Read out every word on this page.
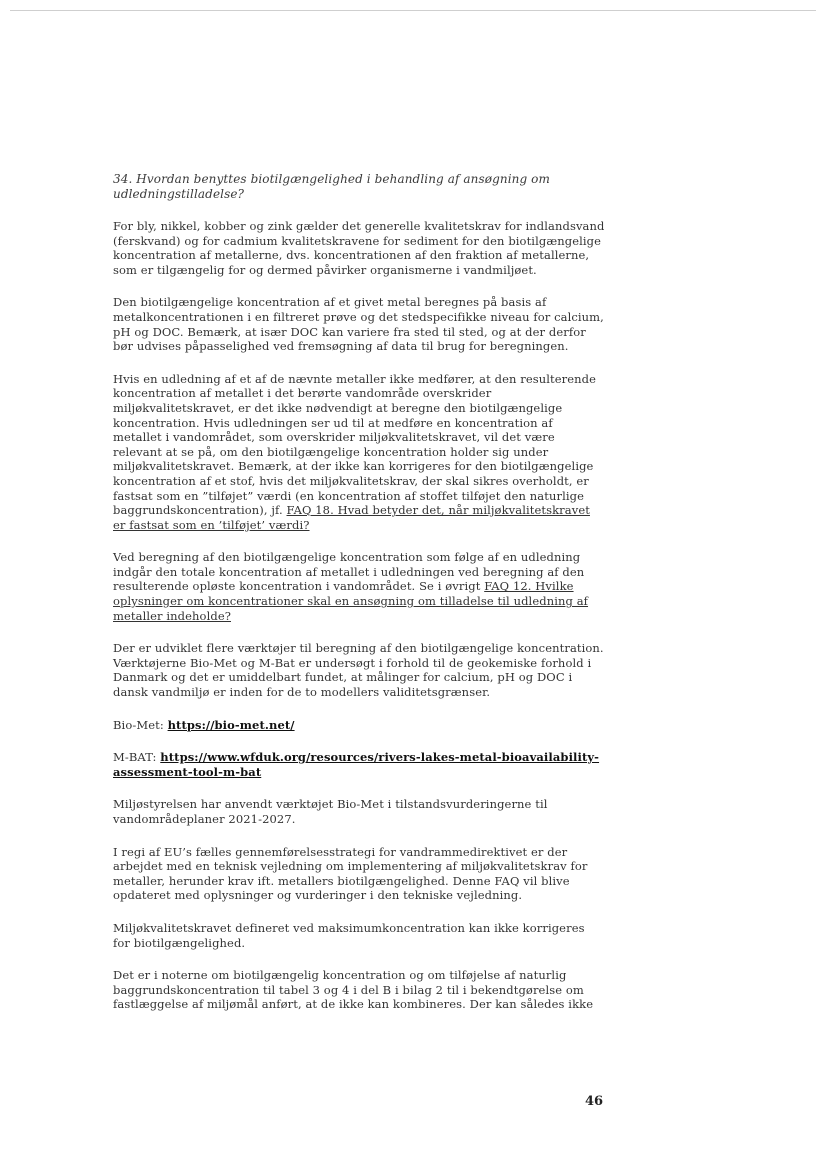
34. Hvordan benyttes biotilgængelighed i behandling af ansøgning om udledningstilladelse?

For bly, nikkel, kobber og zink gælder det generelle kvalitetskrav for indlandsvand (ferskvand) og for cadmium kvalitetskravene for sediment for den biotilgængelige koncentration af metallerne, dvs. koncentrationen af den fraktion af metallerne, som er tilgængelig for og dermed påvirker organismerne i vandmiljøet.

Den biotilgængelige koncentration af et givet metal beregnes på basis af metalkoncentrationen i en filtreret prøve og det stedspecifikke niveau for calcium, pH og DOC. Bemærk, at især DOC kan variere fra sted til sted, og at der derfor bør udvises påpasselighed ved fremsøgning af data til brug for beregningen.

Hvis en udledning af et af de nævnte metaller ikke medfører, at den resulterende koncentration af metallet i det berørte vandområde overskrider miljøkvalitetskravet, er det ikke nødvendigt at beregne den biotilgængelige koncentration. Hvis udledningen ser ud til at medføre en koncentration af metallet i vandområdet, som overskrider miljøkvalitetskravet, vil det være relevant at se på, om den biotilgængelige koncentration holder sig under miljøkvalitetskravet. Bemærk, at der ikke kan korrigeres for den biotilgængelige koncentration af et stof, hvis det miljøkvalitetskrav, der skal sikres overholdt, er fastsat som en ”tilføjet” værdi (en koncentration af stoffet tilføjet den naturlige baggrundskoncentration), jf. FAQ 18. Hvad betyder det, når miljøkvalitetskravet er fastsat som en ’tilføjet’ værdi?

Ved beregning af den biotilgængelige koncentration som følge af en udledning indgår den totale koncentration af metallet i udledningen ved beregning af den resulterende opløste koncentration i vandområdet. Se i øvrigt FAQ 12. Hvilke oplysninger om koncentrationer skal en ansøgning om tilladelse til udledning af metaller indeholde?

Der er udviklet flere værktøjer til beregning af den biotilgængelige koncentration. Værktøjerne Bio-Met og M-Bat er undersøgt i forhold til de geokemiske forhold i Danmark og det er umiddelbart fundet, at målinger for calcium, pH og DOC i dansk vandmiljø er inden for de to modellers validitetsgrænser.

Bio-Met: https://bio-met.net/

M-BAT: https://www.wfduk.org/resources/rivers-lakes-metal-bioavailability-assessment-tool-m-bat

Miljøstyrelsen har anvendt værktøjet Bio-Met i tilstandsvurderingerne til vandområdeplaner 2021-2027.

I regi af EU’s fælles gennemførelsesstrategi for vandrammedirektivet er der arbejdet med en teknisk vejledning om implementering af miljøkvalitetskrav for metaller, herunder krav ift. metallers biotilgængelighed. Denne FAQ vil blive opdateret med oplysninger og vurderinger i den tekniske vejledning.

Miljøkvalitetskravet defineret ved maksimumkoncentration kan ikke korrigeres for biotilgængelighed.

Det er i noterne om biotilgængelig koncentration og om tilføjelse af naturlig baggrundskoncentration til tabel 3 og 4 i del B i bilag 2 til i bekendtgørelse om fastlæggelse af miljømål anført, at de ikke kan kombineres. Der kan således ikke

46
